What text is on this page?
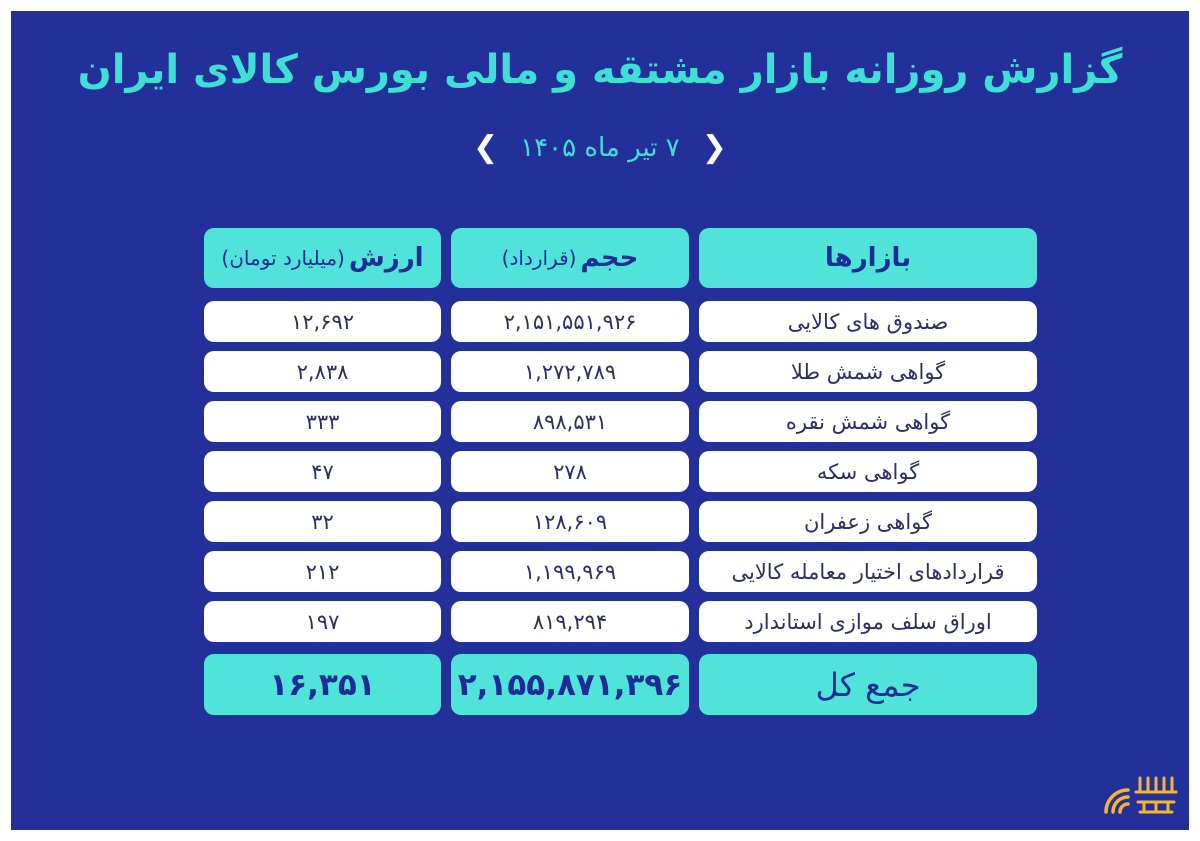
گزارش روزانه بازار مشتقه و مالی بورس کالای ایران
❮
۷ تیر ماه ۱۴۰۵
❯
بازارها
حجم
(قرارداد)
ارزش
(میلیارد تومان)
صندوق های کالایی
۲,۱۵۱,۵۵۱,۹۲۶
۱۲,۶۹۲
گواهی شمش طلا
۱,۲۷۲,۷۸۹
۲,۸۳۸
گواهی شمش نقره
۸۹۸,۵۳۱
۳۳۳
گواهی سکه
۲۷۸
۴۷
گواهی زعفران
۱۲۸,۶۰۹
۳۲
قراردادهای اختیار معامله کالایی
۱,۱۹۹,۹۶۹
۲۱۲
اوراق سلف موازی استاندارد
۸۱۹,۲۹۴
۱۹۷
جمع کل
۲,۱۵۵,۸۷۱,۳۹۶
۱۶,۳۵۱
